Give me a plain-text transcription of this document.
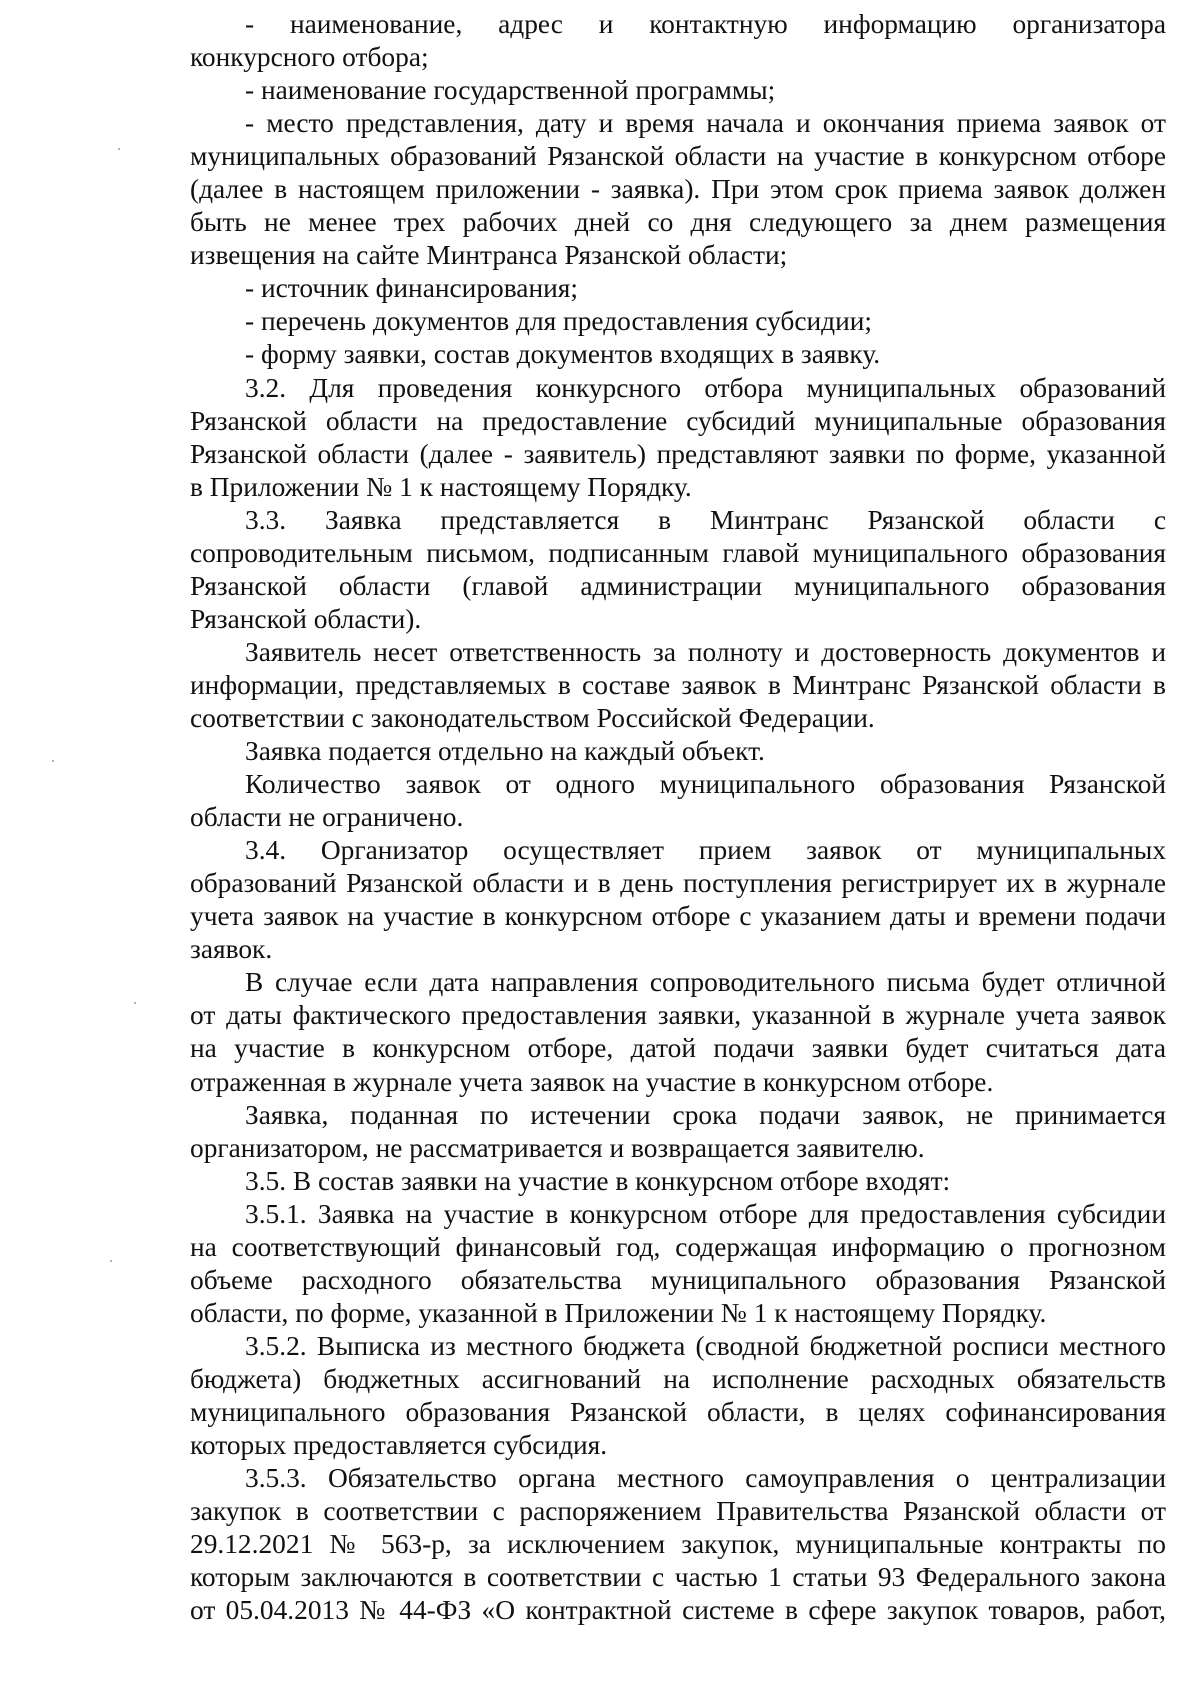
- наименование, адрес и контактную информацию организатора
конкурсного отбора;
- наименование государственной программы;
- место представления, дату и время начала и окончания приема заявок от
муниципальных образований Рязанской области на участие в конкурсном отборе
(далее в настоящем приложении - заявка). При этом срок приема заявок должен
быть не менее трех рабочих дней со дня следующего за днем размещения
извещения на сайте Минтранса Рязанской области;
- источник финансирования;
- перечень документов для предоставления субсидии;
- форму заявки, состав документов входящих в заявку.
3.2. Для проведения конкурсного отбора муниципальных образований
Рязанской области на предоставление субсидий муниципальные образования
Рязанской области (далее - заявитель) представляют заявки по форме, указанной
в Приложении № 1 к настоящему Порядку.
3.3. Заявка представляется в Минтранс Рязанской области с
сопроводительным письмом, подписанным главой муниципального образования
Рязанской области (главой администрации муниципального образования
Рязанской области).
Заявитель несет ответственность за полноту и достоверность документов и
информации, представляемых в составе заявок в Минтранс Рязанской области в
соответствии с законодательством Российской Федерации.
Заявка подается отдельно на каждый объект.
Количество заявок от одного муниципального образования Рязанской
области не ограничено.
3.4. Организатор осуществляет прием заявок от муниципальных
образований Рязанской области и в день поступления регистрирует их в журнале
учета заявок на участие в конкурсном отборе с указанием даты и времени подачи
заявок.
В случае если дата направления сопроводительного письма будет отличной
от даты фактического предоставления заявки, указанной в журнале учета заявок
на участие в конкурсном отборе, датой подачи заявки будет считаться дата
отраженная в журнале учета заявок на участие в конкурсном отборе.
Заявка, поданная по истечении срока подачи заявок, не принимается
организатором, не рассматривается и возвращается заявителю.
3.5. В состав заявки на участие в конкурсном отборе входят:
3.5.1. Заявка на участие в конкурсном отборе для предоставления субсидии
на соответствующий финансовый год, содержащая информацию о прогнозном
объеме расходного обязательства муниципального образования Рязанской
области, по форме, указанной в Приложении № 1 к настоящему Порядку.
3.5.2. Выписка из местного бюджета (сводной бюджетной росписи местного
бюджета) бюджетных ассигнований на исполнение расходных обязательств
муниципального образования Рязанской области, в целях софинансирования
которых предоставляется субсидия.
3.5.3. Обязательство органа местного самоуправления о централизации
закупок в соответствии с распоряжением Правительства Рязанской области от
29.12.2021 № 563-р, за исключением закупок, муниципальные контракты по
которым заключаются в соответствии с частью 1 статьи 93 Федерального закона
от 05.04.2013 № 44-ФЗ «О контрактной системе в сфере закупок товаров, работ,
